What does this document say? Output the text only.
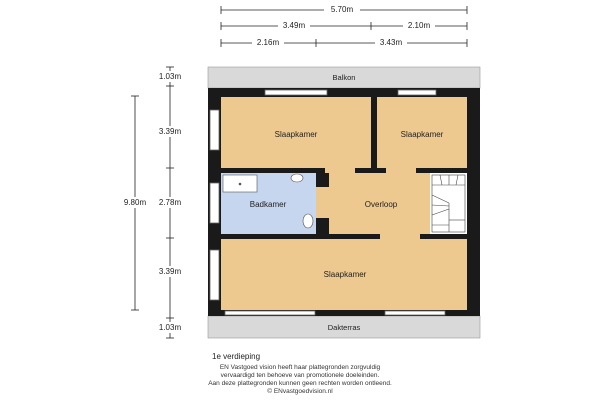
5.70m
3.49m	2.10m
2.16m	3.43m
9.80m
1.03m
3.39m
2.78m
3.39m
1.03m
Balkon
Dakterras
Slaapkamer	Slaapkamer
Badkamer	Overloop
Slaapkamer
1e verdieping
EN Vastgoed vision heeft haar plattegronden zorgvuldig
vervaardigd ten behoeve van promotionele doeleinden.
Aan deze plattegronden kunnen geen rechten worden ontleend.
© ENvastgoedvision.nl
